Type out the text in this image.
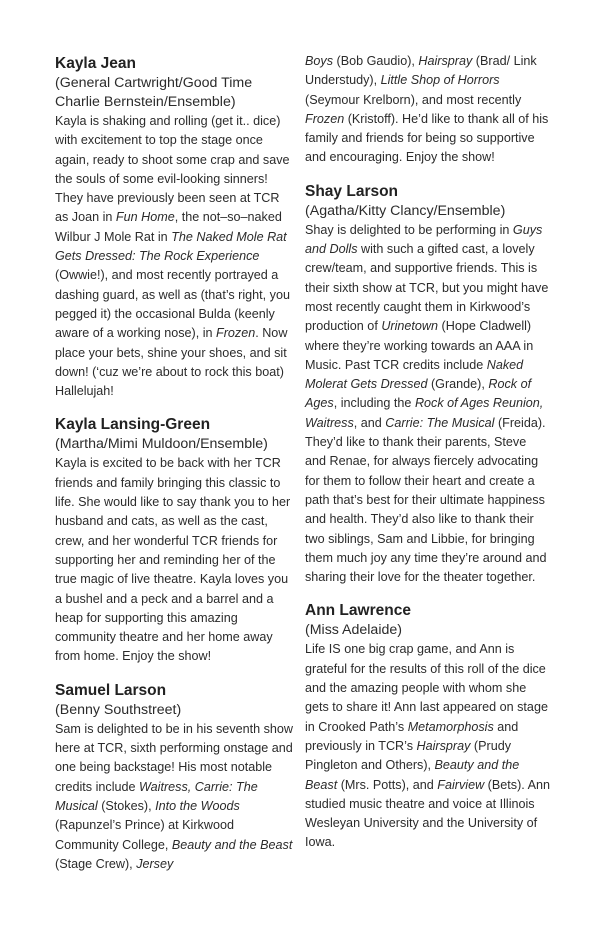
Kayla Jean

(General Cartwright/Good Time Charlie Bernstein/Ensemble)

Kayla is shaking and rolling (get it.. dice) with excitement to top the stage once again, ready to shoot some crap and save the souls of some evil-looking sinners! They have previously been seen at TCR as Joan in Fun Home, the not–so–naked Wilbur J Mole Rat in The Naked Mole Rat Gets Dressed: The Rock Experience (Owwie!), and most recently portrayed a dashing guard, as well as (that’s right, you pegged it) the occasional Bulda (keenly aware of a working nose), in Frozen. Now place your bets, shine your shoes, and sit down! (‘cuz we’re about to rock this boat) Hallelujah!

Kayla Lansing-Green

(Martha/Mimi Muldoon/Ensemble)

Kayla is excited to be back with her TCR friends and family bringing this classic to life. She would like to say thank you to her husband and cats, as well as the cast, crew, and her wonderful TCR friends for supporting her and reminding her of the true magic of live theatre. Kayla loves you a bushel and a peck and a barrel and a heap for supporting this amazing community theatre and her home away from home. Enjoy the show!

Samuel Larson

(Benny Southstreet)

Sam is delighted to be in his seventh show here at TCR, sixth performing onstage and one being backstage! His most notable credits include Waitress, Carrie: The Musical (Stokes), Into the Woods (Rapunzel’s Prince) at Kirkwood Community College, Beauty and the Beast (Stage Crew), Jersey

Boys (Bob Gaudio), Hairspray (Brad/ Link Understudy), Little Shop of Horrors (Seymour Krelborn), and most recently Frozen (Kristoff). He’d like to thank all of his family and friends for being so supportive and encouraging. Enjoy the show!

Shay Larson

(Agatha/Kitty Clancy/Ensemble)

Shay is delighted to be performing in Guys and Dolls with such a gifted cast, a lovely crew/team, and supportive friends. This is their sixth show at TCR, but you might have most recently caught them in Kirkwood’s production of Urinetown (Hope Cladwell) where they’re working towards an AAA in Music. Past TCR credits include Naked Molerat Gets Dressed (Grande), Rock of Ages, including the Rock of Ages Reunion, Waitress, and Carrie: The Musical (Freida). They’d like to thank their parents, Steve and Renae, for always fiercely advocating for them to follow their heart and create a path that’s best for their ultimate happiness and health. They’d also like to thank their two siblings, Sam and Libbie, for bringing them much joy any time they’re around and sharing their love for the theater together.

Ann Lawrence

(Miss Adelaide)

Life IS one big crap game, and Ann is grateful for the results of this roll of the dice and the amazing people with whom she gets to share it! Ann last appeared on stage in Crooked Path’s Metamorphosis and previously in TCR’s Hairspray (Prudy Pingleton and Others), Beauty and the Beast (Mrs. Potts), and Fairview (Bets). Ann studied music theatre and voice at Illinois Wesleyan University and the University of Iowa.
